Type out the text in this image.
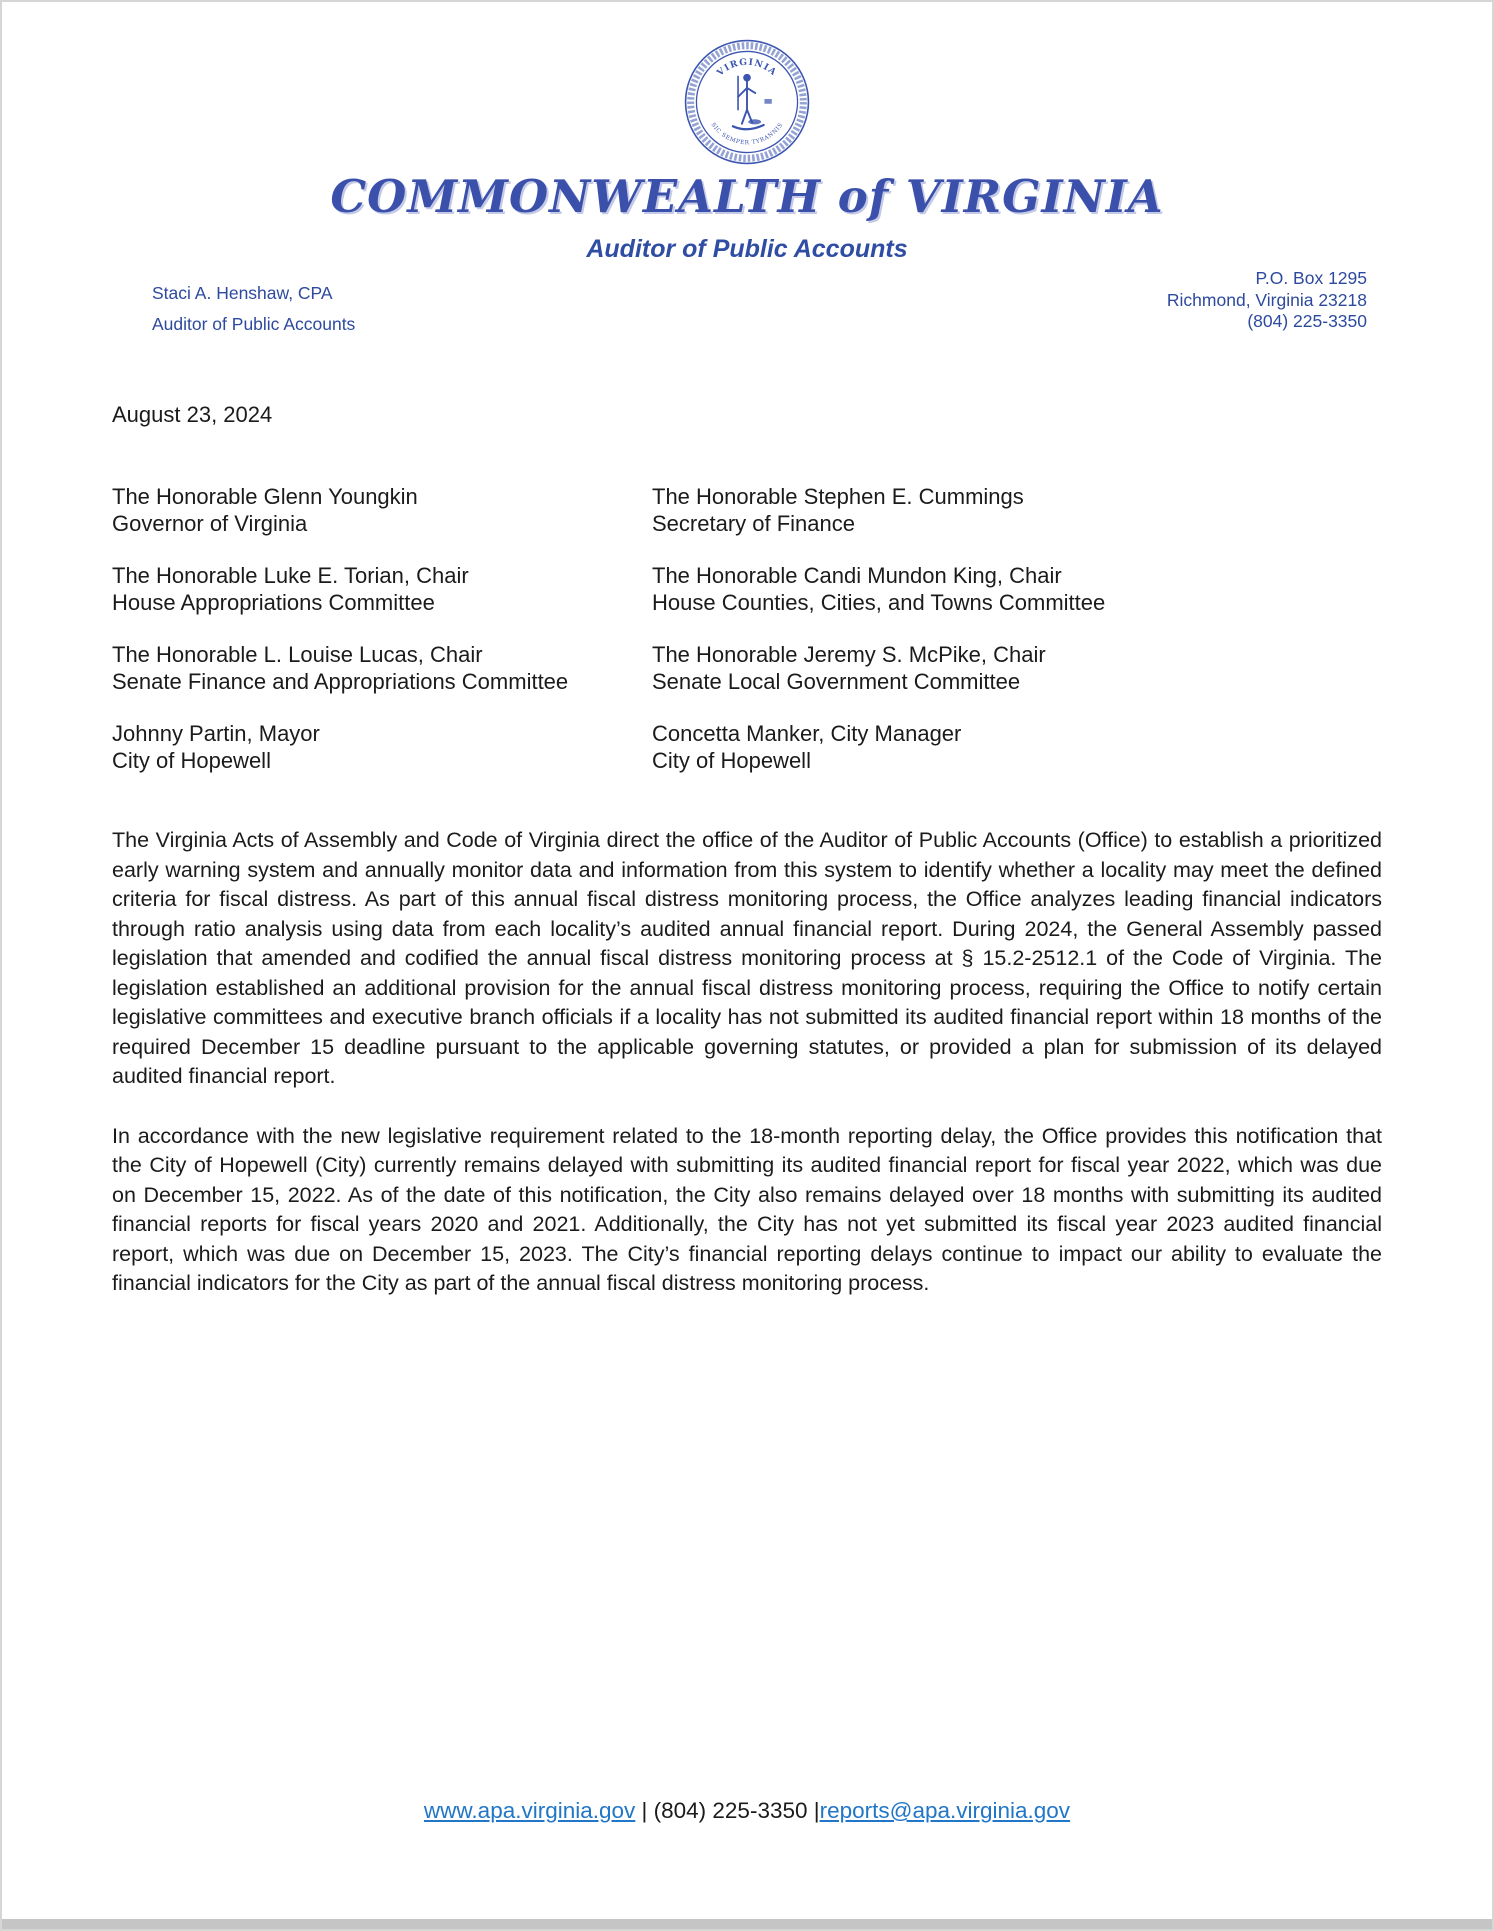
VIRGINIA
SIC SEMPER TYRANNIS
COMMONWEALTH of VIRGINIA
Auditor of Public Accounts
Staci A. Henshaw, CPA
Auditor of Public Accounts
P.O. Box 1295
Richmond, Virginia 23218
(804) 225-3350
August 23, 2024
The Honorable Glenn Youngkin
Governor of Virginia
The Honorable Stephen E. Cummings
Secretary of Finance
The Honorable Luke E. Torian, Chair
House Appropriations Committee
The Honorable Candi Mundon King, Chair
House Counties, Cities, and Towns Committee
The Honorable L. Louise Lucas, Chair
Senate Finance and Appropriations Committee
The Honorable Jeremy S. McPike, Chair
Senate Local Government Committee
Johnny Partin, Mayor
City of Hopewell
Concetta Manker, City Manager
City of Hopewell

The Virginia Acts of Assembly and Code of Virginia direct the office of the Auditor of Public Accounts (Office) to establish a prioritized early warning system and annually monitor data and information from this system to identify whether a locality may meet the defined criteria for fiscal distress. As part of this annual fiscal distress monitoring process, the Office analyzes leading financial indicators through ratio analysis using data from each locality’s audited annual financial report. During 2024, the General Assembly passed legislation that amended and codified the annual fiscal distress monitoring process at § 15.2-2512.1 of the Code of Virginia. The legislation established an additional provision for the annual fiscal distress monitoring process, requiring the Office to notify certain legislative committees and executive branch officials if a locality has not submitted its audited financial report within 18 months of the required December 15 deadline pursuant to the applicable governing statutes, or provided a plan for submission of its delayed audited financial report.

In accordance with the new legislative requirement related to the 18-month reporting delay, the Office provides this notification that the City of Hopewell (City) currently remains delayed with submitting its audited financial report for fiscal year 2022, which was due on December 15, 2022. As of the date of this notification, the City also remains delayed over 18 months with submitting its audited financial reports for fiscal years 2020 and 2021. Additionally, the City has not yet submitted its fiscal year 2023 audited financial report, which was due on December 15, 2023. The City’s financial reporting delays continue to impact our ability to evaluate the financial indicators for the City as part of the annual fiscal distress monitoring process.

www.apa.virginia.gov | (804) 225-3350 |reports@apa.virginia.gov
